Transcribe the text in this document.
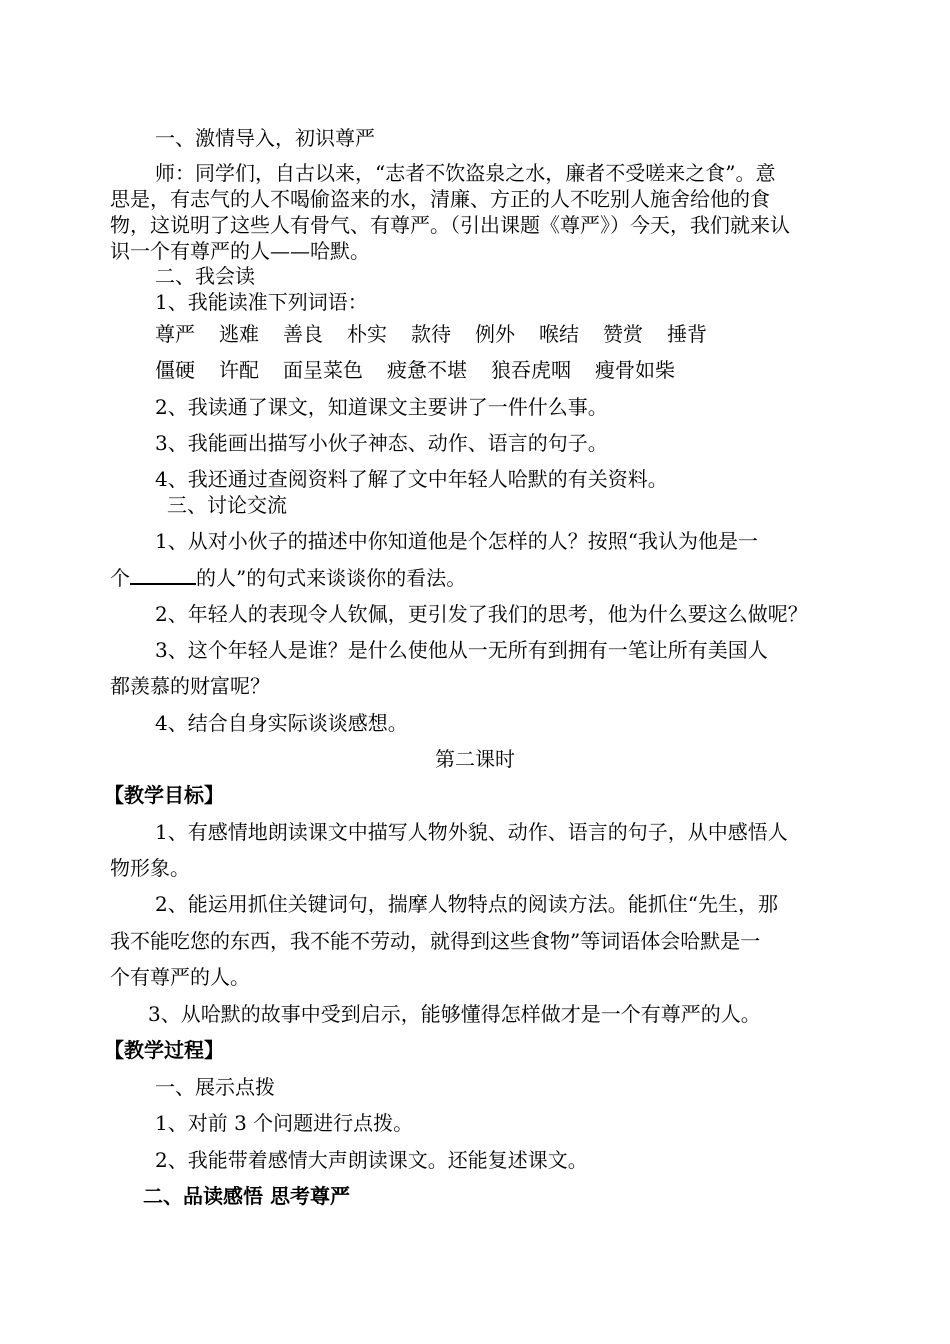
一、激情导入，初识尊严
师：同学们，自古以来，“志者不饮盗泉之水，廉者不受嗟来之食”。意
思是，有志气的人不喝偷盗来的水，清廉、方正的人不吃别人施舍给他的食
物，这说明了这些人有骨气、有尊严。（引出课题《尊严》）今天，我们就来认
识一个有尊严的人——哈默。
二、我会读
1、我能读准下列词语：
尊严 逃难 善良 朴实 款待 例外 喉结 赞赏 捶背
僵硬 许配 面呈菜色 疲惫不堪 狼吞虎咽 瘦骨如柴
2、我读通了课文，知道课文主要讲了一件什么事。
3、我能画出描写小伙子神态、动作、语言的句子。
4、我还通过查阅资料了解了文中年轻人哈默的有关资料。
三、讨论交流
1、从对小伙子的描述中你知道他是个怎样的人？按照“我认为他是一
个	的人”的句式来谈谈你的看法。
2、年轻人的表现令人钦佩，更引发了我们的思考，他为什么要这么做呢？
3、这个年轻人是谁？是什么使他从一无所有到拥有一笔让所有美国人
都羡慕的财富呢？
4、结合自身实际谈谈感想。
第二课时
【教学目标】
1、有感情地朗读课文中描写人物外貌、动作、语言的句子，从中感悟人
物形象。
2、能运用抓住关键词句，揣摩人物特点的阅读方法。能抓住“先生，那
我不能吃您的东西，我不能不劳动，就得到这些食物”等词语体会哈默是一
个有尊严的人。
3、从哈默的故事中受到启示，能够懂得怎样做才是一个有尊严的人。
【教学过程】
一、展示点拨
1、对前 3 个问题进行点拨。
2、我能带着感情大声朗读课文。还能复述课文。
二、品读感悟 思考尊严
